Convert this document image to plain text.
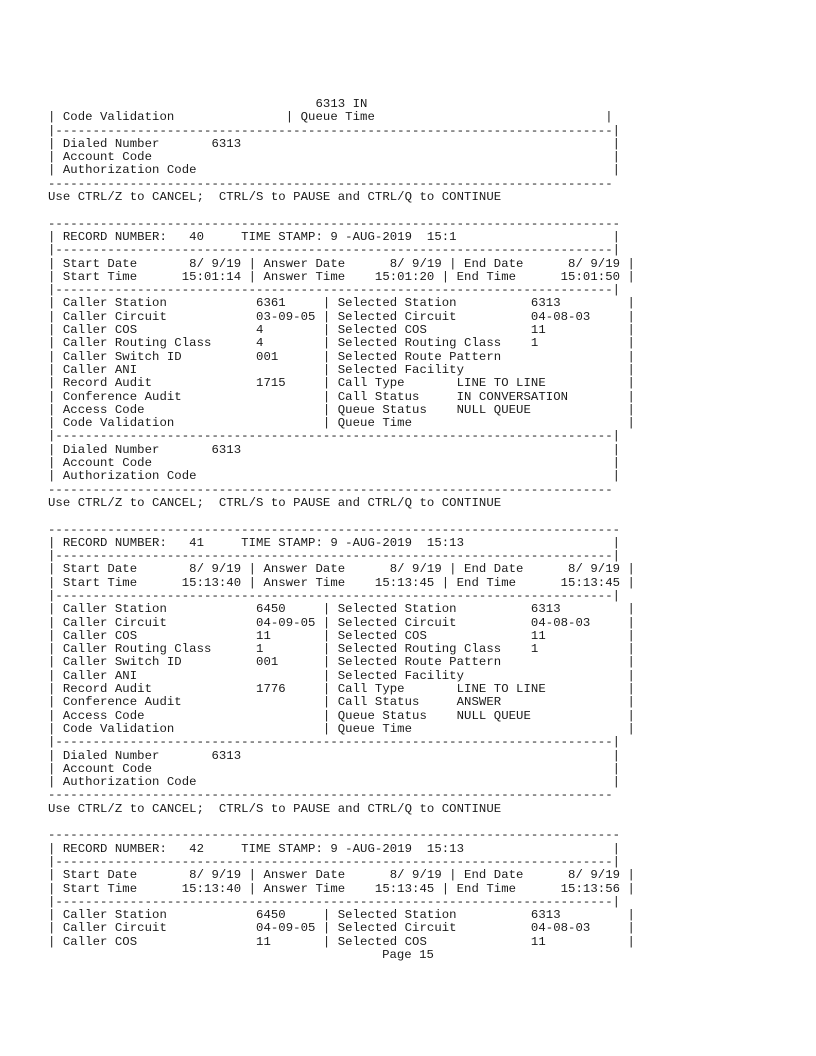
6313 IN
| Code Validation               | Queue Time                               |
|---------------------------------------------------------------------------|
| Dialed Number       6313                                                  |
| Account Code                                                              |
| Authorization Code                                                        |
----------------------------------------------------------------------------
Use CTRL/Z to CANCEL;  CTRL/S to PAUSE and CTRL/Q to CONTINUE

-----------------------------------------------------------------------------
| RECORD NUMBER:   40     TIME STAMP: 9 -AUG-2019  15:1                     |
|---------------------------------------------------------------------------|
| Start Date       8/ 9/19 | Answer Date      8/ 9/19 | End Date      8/ 9/19 |
| Start Time      15:01:14 | Answer Time    15:01:20 | End Time      15:01:50 |
|---------------------------------------------------------------------------|
| Caller Station            6361     | Selected Station          6313         |
| Caller Circuit            03-09-05 | Selected Circuit          04-08-03     |
| Caller COS                4        | Selected COS              11           |
| Caller Routing Class      4        | Selected Routing Class    1            |
| Caller Switch ID          001      | Selected Route Pattern                 |
| Caller ANI                         | Selected Facility                      |
| Record Audit              1715     | Call Type       LINE TO LINE           |
| Conference Audit                   | Call Status     IN CONVERSATION        |
| Access Code                        | Queue Status    NULL QUEUE             |
| Code Validation                    | Queue Time                             |
|---------------------------------------------------------------------------|
| Dialed Number       6313                                                  |
| Account Code                                                              |
| Authorization Code                                                        |
----------------------------------------------------------------------------
Use CTRL/Z to CANCEL;  CTRL/S to PAUSE and CTRL/Q to CONTINUE

-----------------------------------------------------------------------------
| RECORD NUMBER:   41     TIME STAMP: 9 -AUG-2019  15:13                    |
|---------------------------------------------------------------------------|
| Start Date       8/ 9/19 | Answer Date      8/ 9/19 | End Date      8/ 9/19 |
| Start Time      15:13:40 | Answer Time    15:13:45 | End Time      15:13:45 |
|---------------------------------------------------------------------------|
| Caller Station            6450     | Selected Station          6313         |
| Caller Circuit            04-09-05 | Selected Circuit          04-08-03     |
| Caller COS                11       | Selected COS              11           |
| Caller Routing Class      1        | Selected Routing Class    1            |
| Caller Switch ID          001      | Selected Route Pattern                 |
| Caller ANI                         | Selected Facility                      |
| Record Audit              1776     | Call Type       LINE TO LINE           |
| Conference Audit                   | Call Status     ANSWER                 |
| Access Code                        | Queue Status    NULL QUEUE             |
| Code Validation                    | Queue Time                             |
|---------------------------------------------------------------------------|
| Dialed Number       6313                                                  |
| Account Code                                                              |
| Authorization Code                                                        |
----------------------------------------------------------------------------
Use CTRL/Z to CANCEL;  CTRL/S to PAUSE and CTRL/Q to CONTINUE

-----------------------------------------------------------------------------
| RECORD NUMBER:   42     TIME STAMP: 9 -AUG-2019  15:13                    |
|---------------------------------------------------------------------------|
| Start Date       8/ 9/19 | Answer Date      8/ 9/19 | End Date      8/ 9/19 |
| Start Time      15:13:40 | Answer Time    15:13:45 | End Time      15:13:56 |
|---------------------------------------------------------------------------|
| Caller Station            6450     | Selected Station          6313         |
| Caller Circuit            04-09-05 | Selected Circuit          04-08-03     |
| Caller COS                11       | Selected COS              11           |

Page 15
